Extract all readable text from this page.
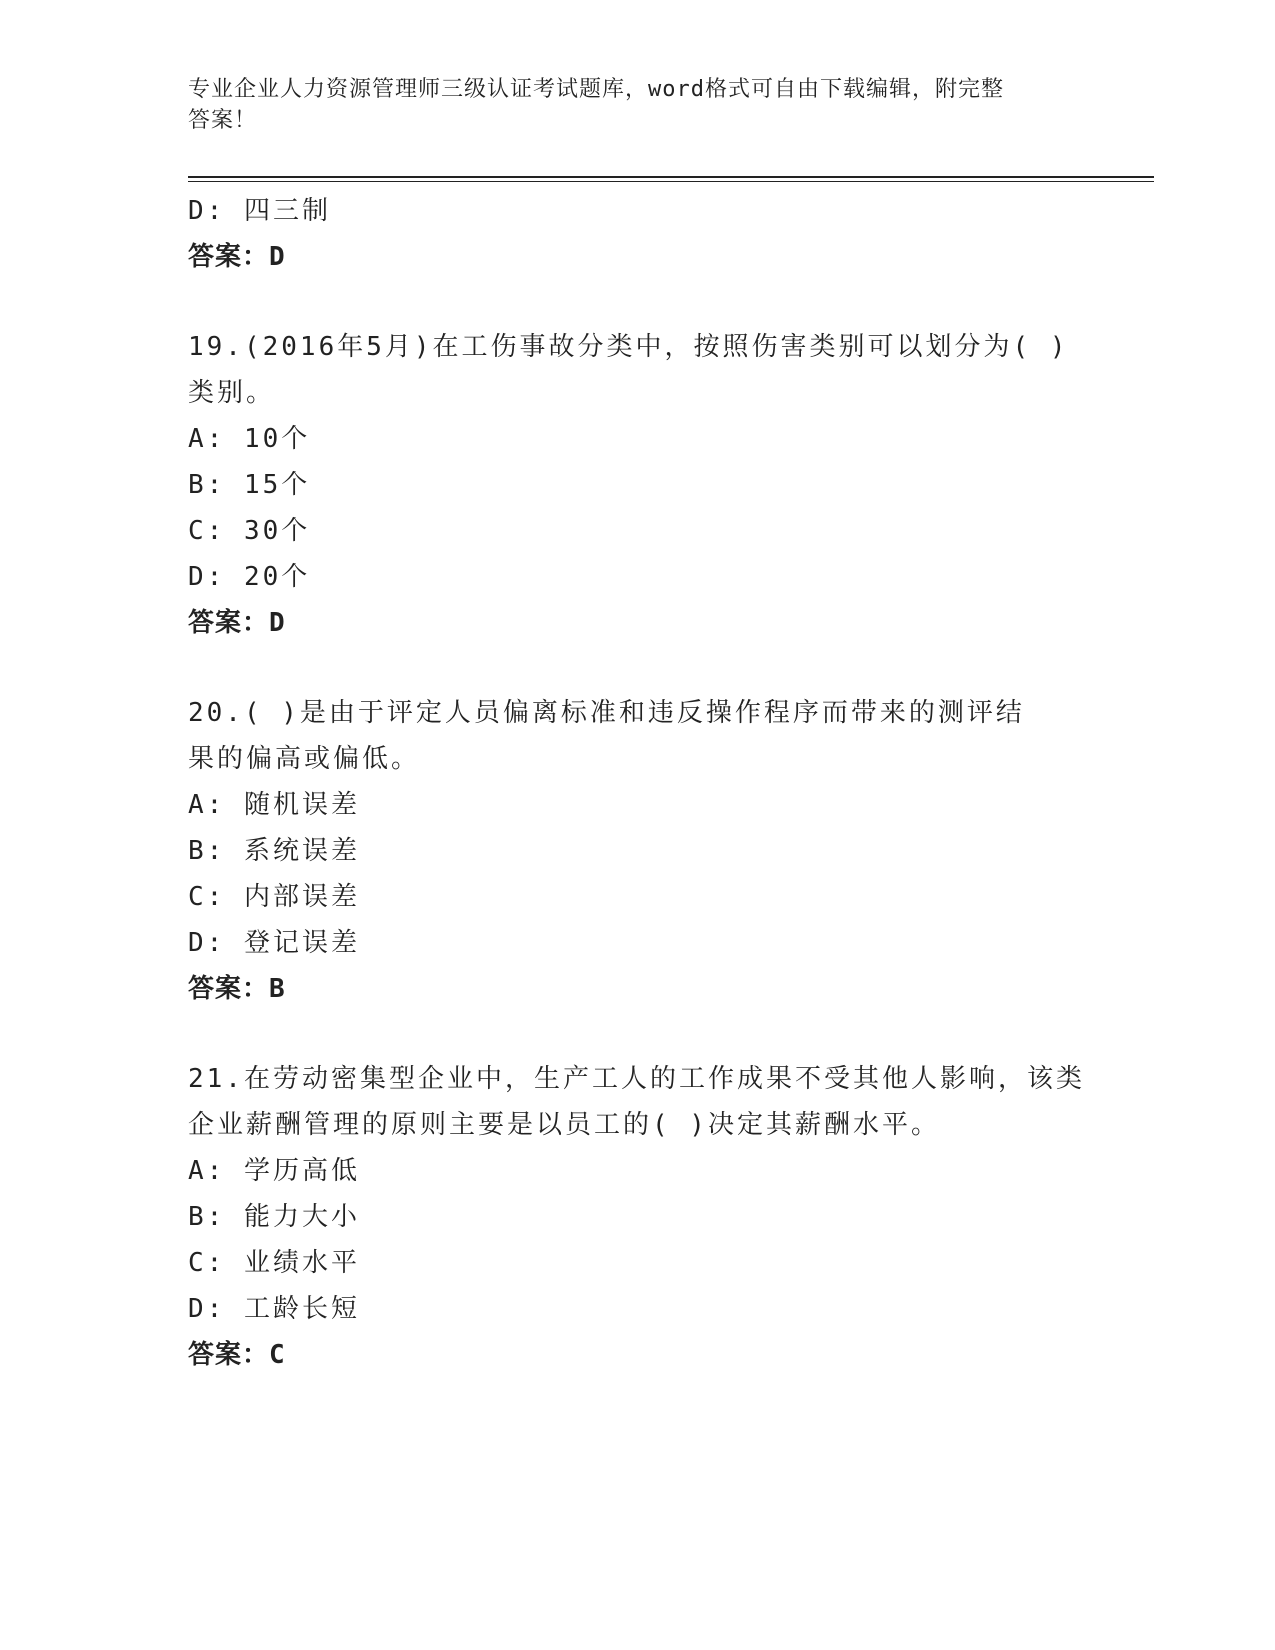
专业企业人力资源管理师三级认证考试题库，word格式可自由下载编辑，附完整
答案！
D: 四三制
答案：D
19.(2016年5月)在工伤事故分类中，按照伤害类别可以划分为( )
类别。
A: 10个
B: 15个
C: 30个
D: 20个
答案：D
20.( )是由于评定人员偏离标准和违反操作程序而带来的测评结
果的偏高或偏低。
A: 随机误差
B: 系统误差
C: 内部误差
D: 登记误差
答案：B
21.在劳动密集型企业中，生产工人的工作成果不受其他人影响，该类
企业薪酬管理的原则主要是以员工的( )决定其薪酬水平。
A: 学历高低
B: 能力大小
C: 业绩水平
D: 工龄长短
答案：C
